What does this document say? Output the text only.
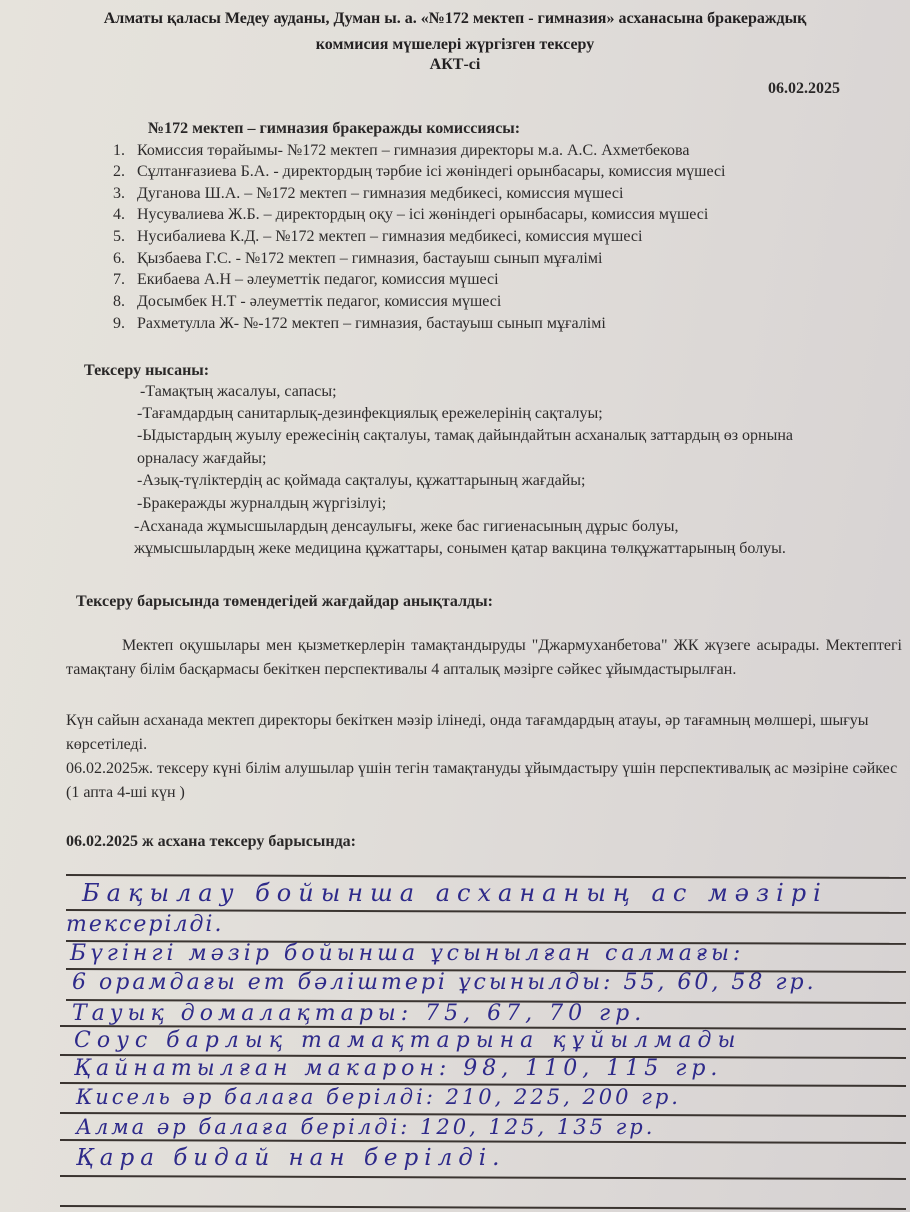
Алматы қаласы Медеу ауданы, Думан ы. а. «№172 мектеп - гимназия» асханасына бракераждық
коммисия мүшелері жүргізген тексеру
АКТ-сі
06.02.2025
№172 мектеп – гимназия бракеражды комиссиясы:
1. Комиссия төрайымы- №172 мектеп – гимназия директоры м.а. А.С. Ахметбекова
2. Сұлтанғазиева Б.А. - директордың тәрбие ісі жөніндегі орынбасары, комиссия мүшесі
3. Дуганова Ш.А. – №172 мектеп – гимназия медбикесі, комиссия мүшесі
4. Нусувалиева Ж.Б. – директордың оқу – ісі жөніндегі орынбасары, комиссия мүшесі
5. Нусибалиева К.Д. – №172 мектеп – гимназия медбикесі, комиссия мүшесі
6. Қызбаева Г.С. - №172 мектеп – гимназия, бастауыш сынып мұғалімі
7. Екибаева А.Н – әлеуметтік педагог, комиссия мүшесі
8. Досымбек Н.Т - әлеуметтік педагог, комиссия мүшесі
9. Рахметулла Ж- №-172 мектеп – гимназия, бастауыш сынып мұғалімі
Тексеру нысаны:
-Тамақтың жасалуы, сапасы;
-Тағамдардың санитарлық-дезинфекциялық ережелерінің сақталуы;
-Ыдыстардың жуылу ережесінің сақталуы, тамақ дайындайтын асханалық заттардың өз орнына
орналасу жағдайы;
-Азық-түліктердің ас қоймада сақталуы, құжаттарының жағдайы;
-Бракеражды журналдың жүргізілуі;
-Асханада жұмысшылардың денсаулығы, жеке бас гигиенасының дұрыс болуы,
жұмысшылардың жеке медицина құжаттары, сонымен қатар вакцина төлқұжаттарының болуы.
Тексеру барысында төмендегідей жағдайдар анықталды:
Мектеп оқушылары мен қызметкерлерін тамақтандыруды "Джармуханбетова" ЖК жүзеге асырады. Мектептегі тамақтану білім басқармасы бекіткен перспективалы 4 апталық мәзірге сәйкес ұйымдастырылған.
Күн сайын асханада мектеп директоры бекіткен мәзір ілінеді, онда тағамдардың атауы, әр тағамның мөлшері, шығуы көрсетіледі.
06.02.2025ж. тексеру күні білім алушылар үшін тегін тамақтануды ұйымдастыру үшін перспективалық ас мәзіріне сәйкес (1 апта 4-ші күн )
06.02.2025 ж асхана тексеру барысында:
Бақылау бойынша асхананың ас мәзірі
тексерілді.
Бүгінгі мәзір бойынша ұсынылған салмағы:
6 орамдағы ет бәліштері ұсынылды: 55, 60, 58 гр.
Тауық домалақтары: 75, 67, 70 гр.
Соус барлық тамақтарына құйылмады
Қайнатылған макарон: 98, 110, 115 гр.
Кисель әр балаға берілді: 210, 225, 200 гр.
Алма әр балаға берілді: 120, 125, 135 гр.
Қара бидай нан берілді.
